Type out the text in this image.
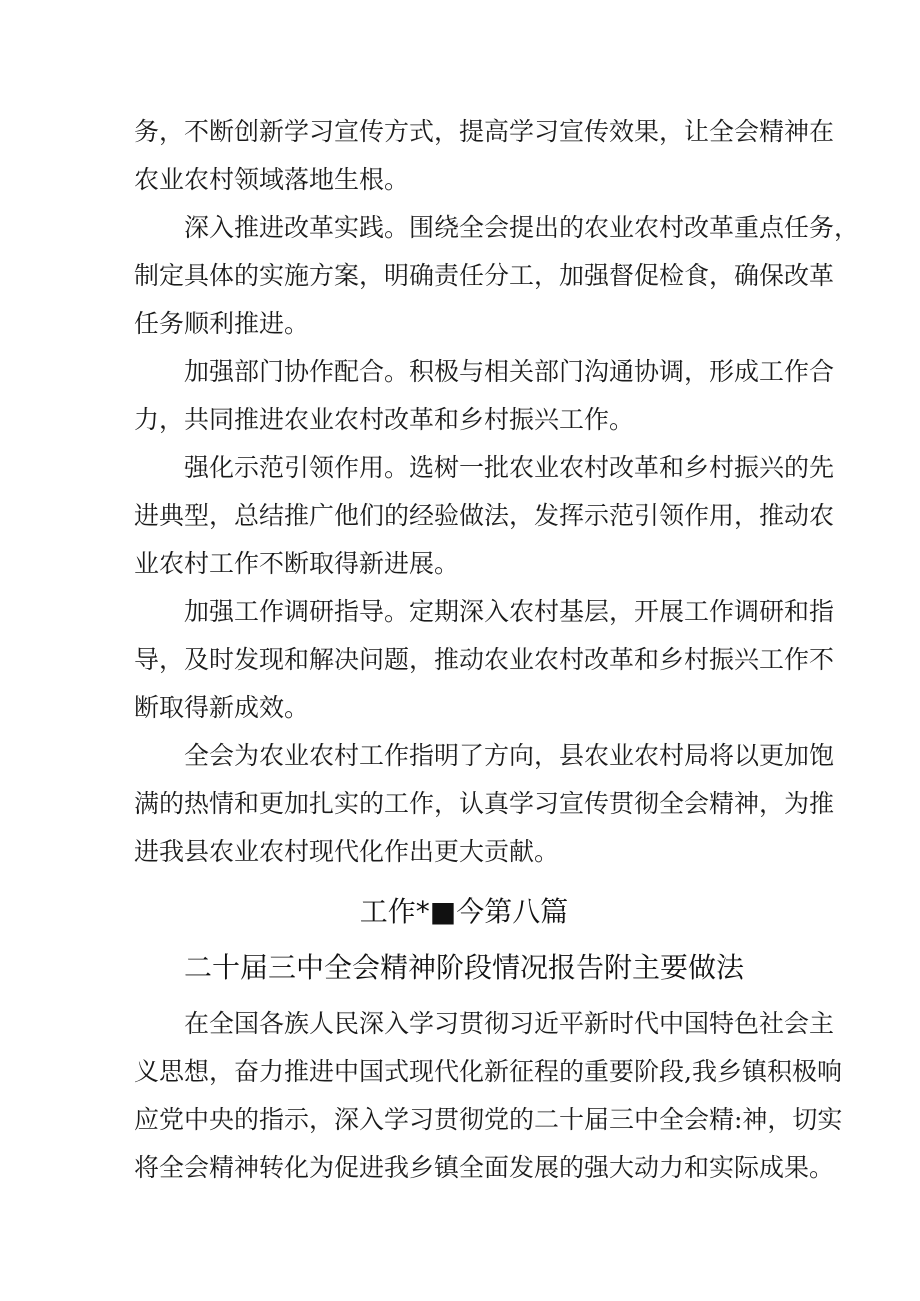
务，不断创新学习宣传方式，提高学习宣传效果，让全会精神在
农业农村领域落地生根。
深入推进改革实践。围绕全会提出的农业农村改革重点任务，
制定具体的实施方案，明确责任分工，加强督促检食，确保改革
任务顺利推进。
加强部门协作配合。积极与相关部门沟通协调，形成工作合
力，共同推进农业农村改革和乡村振兴工作。
强化示范引领作用。选树一批农业农村改革和乡村振兴的先
进典型，总结推广他们的经验做法，发挥示范引领作用，推动农
业农村工作不断取得新进展。
加强工作调研指导。定期深入农村基层，开展工作调研和指
导，及时发现和解决问题，推动农业农村改革和乡村振兴工作不
断取得新成效。
全会为农业农村工作指明了方向，县农业农村局将以更加饱
满的热情和更加扎实的工作，认真学习宣传贯彻全会精神，为推
进我县农业农村现代化作出更大贡献。
工作*■今第八篇
二十届三中全会精神阶段情况报告附主要做法
在全国各族人民深入学习贯彻习近平新时代中国特色社会主
义思想，奋力推进中国式现代化新征程的重要阶段,我乡镇积极响
应党中央的指示，深入学习贯彻党的二十届三中全会精:神，切实
将全会精神转化为促进我乡镇全面发展的强大动力和实际成果。
